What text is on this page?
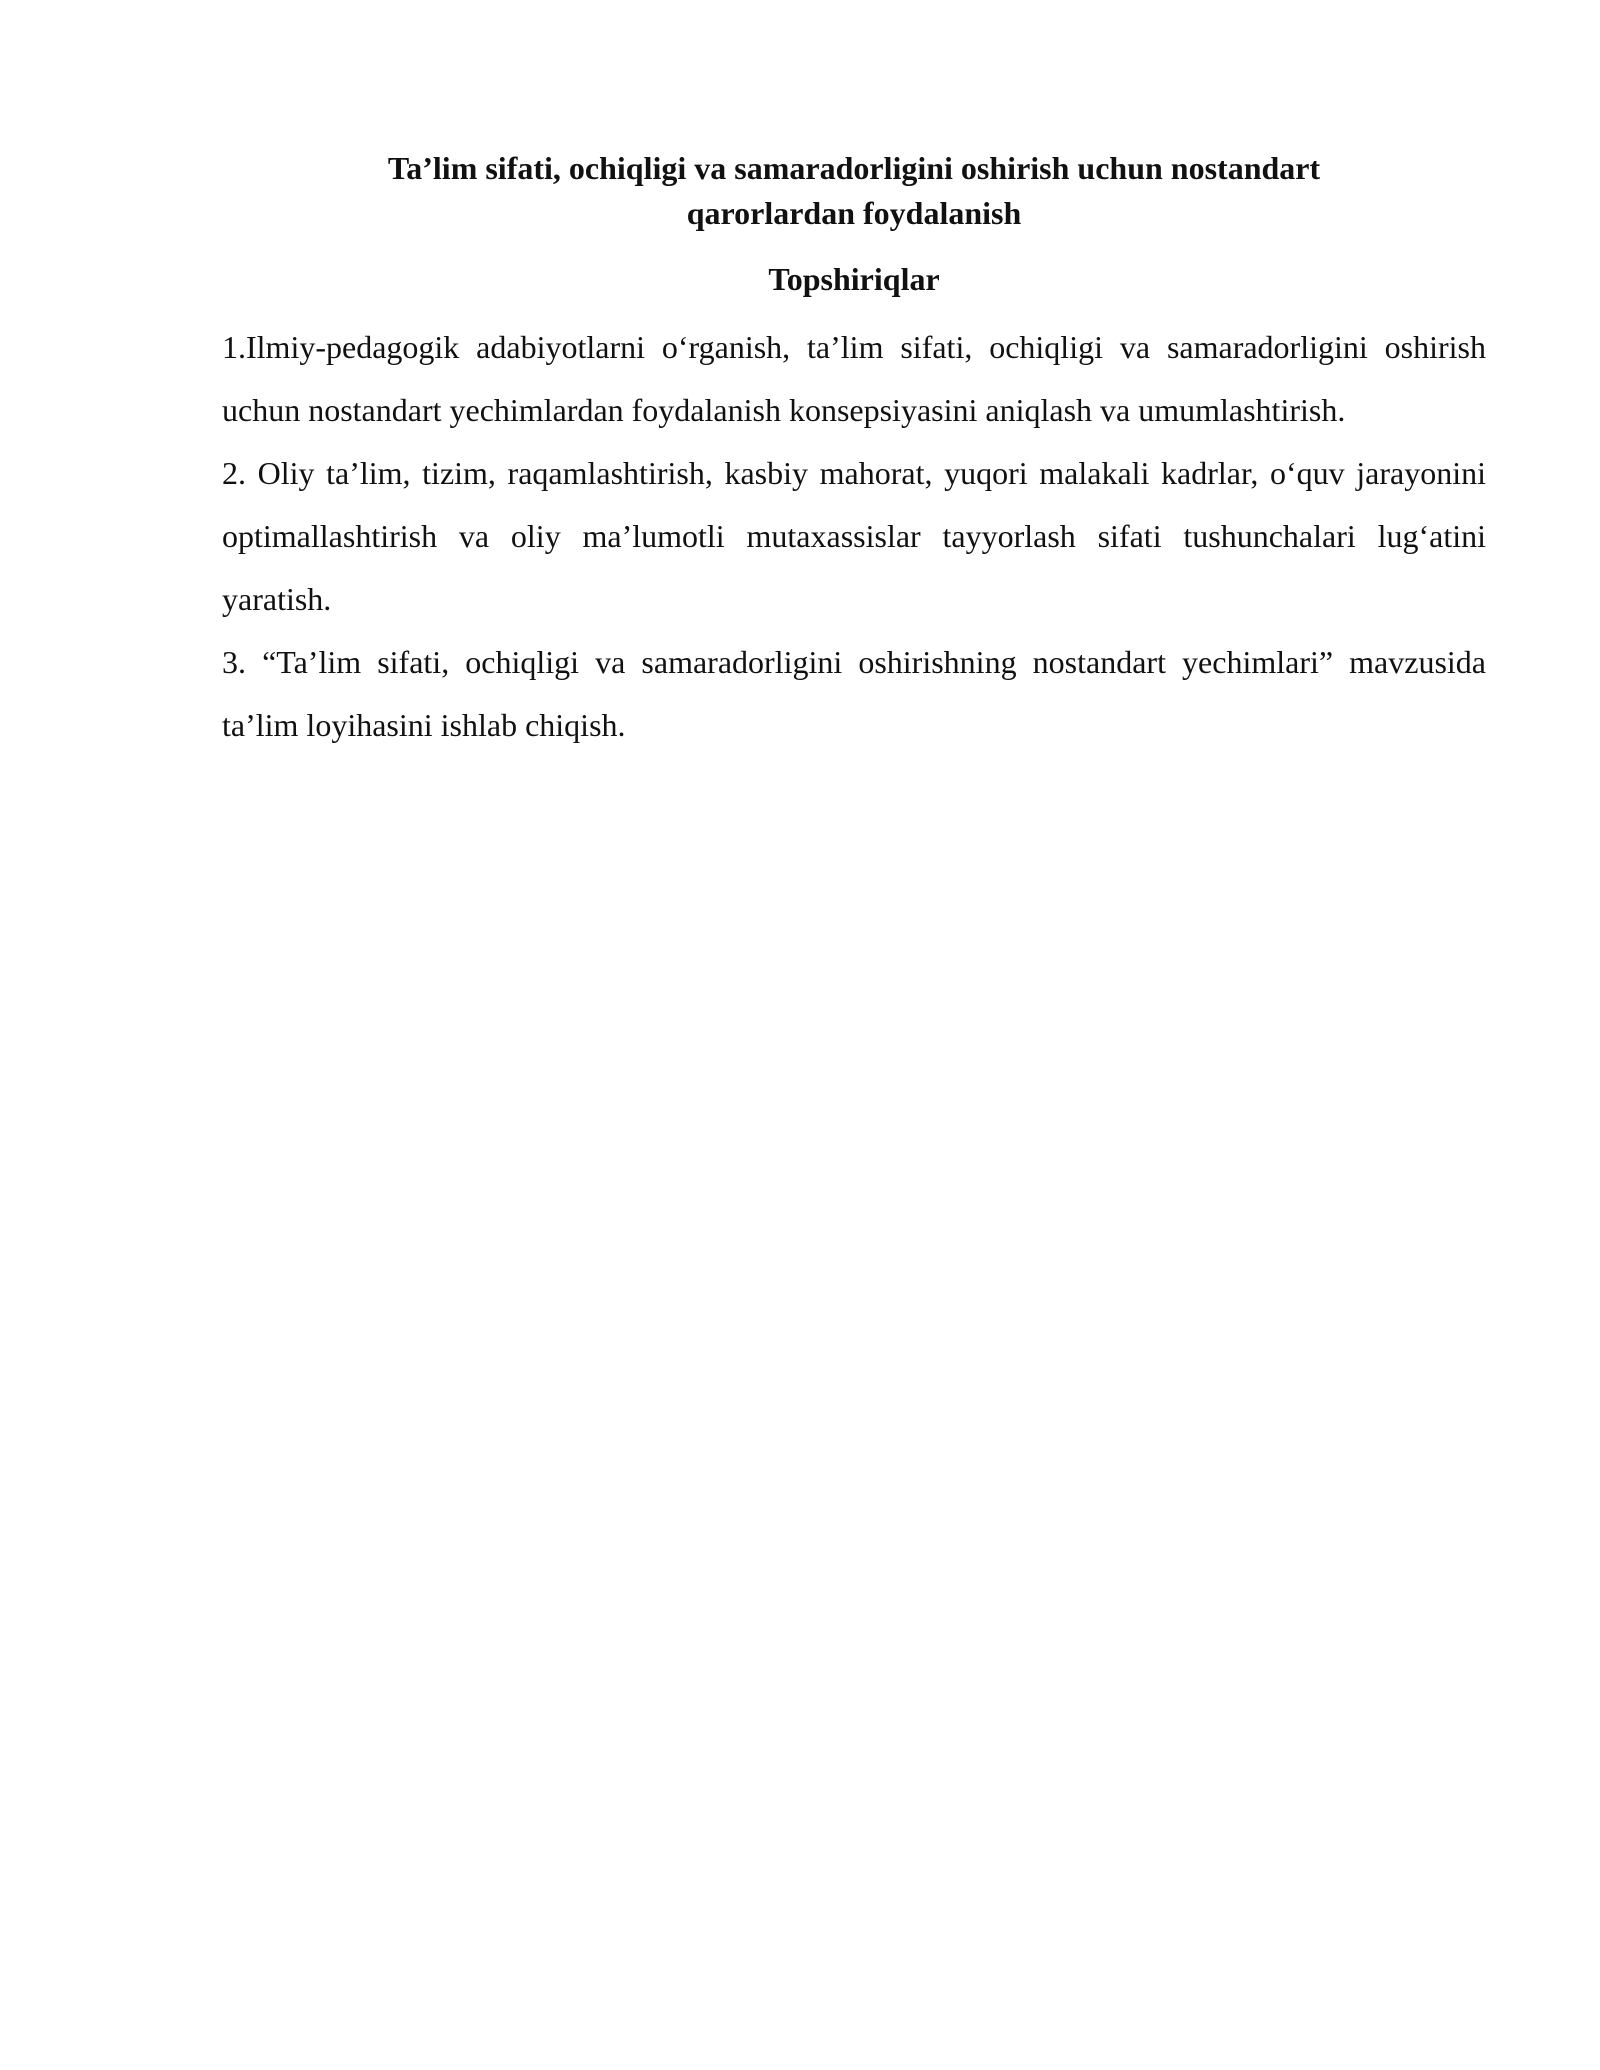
Ta’lim sifati, ochiqligi va samaradorligini oshirish uchun nostandart
qarorlardan foydalanish
Topshiriqlar
1.Ilmiy-pedagogik adabiyotlarni o‘rganish, ta’lim sifati, ochiqligi va samaradorligini oshirish uchun nostandart yechimlardan foydalanish konsepsiyasini aniqlash va umumlashtirish.
2. Oliy ta’lim, tizim, raqamlashtirish, kasbiy mahorat, yuqori malakali kadrlar, o‘quv jarayonini optimallashtirish va oliy ma’lumotli mutaxassislar tayyorlash sifati tushunchalari lug‘atini yaratish.
3. “Ta’lim sifati, ochiqligi va samaradorligini oshirishning nostandart yechimlari” mavzusida ta’lim loyihasini ishlab chiqish.
